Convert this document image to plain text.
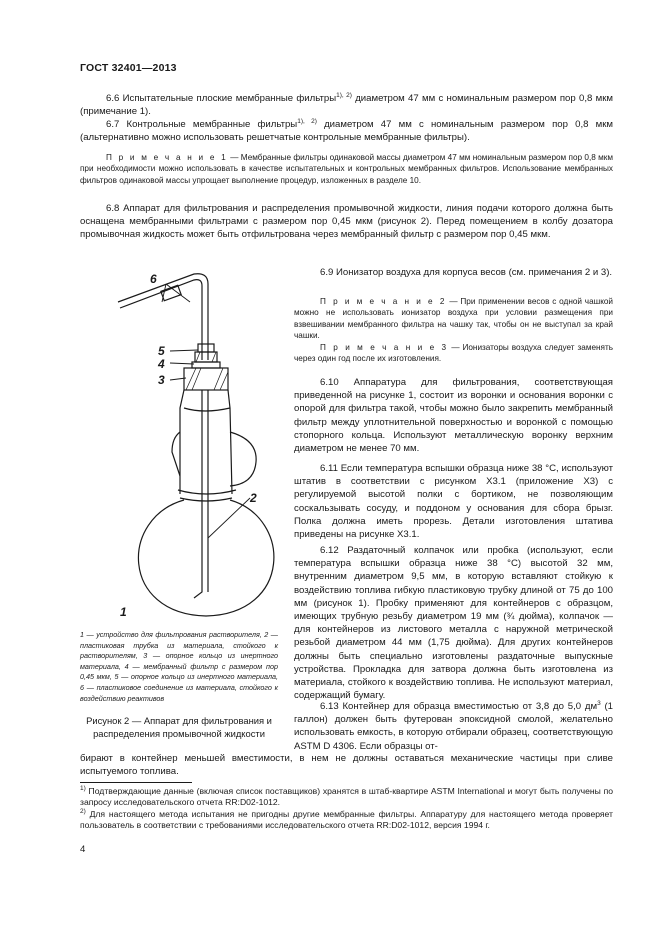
ГОСТ 32401—2013
6.6 Испытательные плоские мембранные фильтры$^{1), 2)}$ диаметром 47 мм с номинальным размером пор 0,8 мкм (примечание 1).
6.7 Контрольные мембранные фильтры$^{1), 2)}$ диаметром 47 мм с номинальным размером пор 0,8 мкм (альтернативно можно использовать решетчатые контрольные мембранные фильтры).
П р и м е ч а н и е 1 — Мембранные фильтры одинаковой массы диаметром 47 мм номинальным размером пор 0,8 мкм при необходимости можно использовать в качестве испытательных и контрольных мембранных фильтров. Использование мембранных фильтров одинаковой массы упрощает выполнение процедур, изложенных в разделе 10.
6.8 Аппарат для фильтрования и распределения промывочной жидкости, линия подачи которого должна быть оснащена мембранными фильтрами с размером пор 0,45 мкм (рисунок 2). Перед помещением в колбу дозатора промывочная жидкость может быть отфильтрована через мембранный фильтр с размером пор 0,45 мкм.
6
5
4
3
2
1
1 — устройство для фильтрования растворителя, 2 — пластиковая трубка из материала, стойкого к растворителям, 3 — опорное кольцо из инертного материала, 4 — мембранный фильтр с размером пор 0,45 мкм, 5 — опорное кольцо из инертного материала, 6 — пластиковое соединение из материала, стойкого к воздействию реактивов
Рисунок 2 — Аппарат для фильтрования и распределения промывочной жидкости
6.9 Ионизатор воздуха для корпуса весов (см. примечания 2 и 3).
П р и м е ч а н и е 2 — При применении весов с одной чашкой можно не использовать ионизатор воздуха при условии размещения при взвешивании мембранного фильтра на чашку так, чтобы он не выступал за край чашки.
П р и м е ч а н и е 3 — Ионизаторы воздуха следует заменять через один год после их изготовления.
6.10 Аппаратура для фильтрования, соответствующая приведенной на рисунке 1, состоит из воронки и основания воронки с опорой для фильтра такой, чтобы можно было закрепить мембранный фильтр между уплотнительной поверхностью и воронкой с помощью стопорного кольца. Используют металлическую воронку верхним диаметром не менее 70 мм.
6.11 Если температура вспышки образца ниже 38 °С, используют штатив в соответствии с рисунком Х3.1 (приложение Х3) с регулируемой высотой полки с бортиком, не позволяющим соскальзывать сосуду, и поддоном у основания для сбора брызг. Полка должна иметь прорезь. Детали изготовления штатива приведены на рисунке Х3.1.
6.12 Раздаточный колпачок или пробка (используют, если температура вспышки образца ниже 38 °С) высотой 32 мм, внутренним диаметром 9,5 мм, в которую вставляют стойкую к воздействию топлива гибкую пластиковую трубку длиной от 75 до 100 мм (рисунок 1). Пробку применяют для контейнеров с образцом, имеющих трубную резьбу диаметром 19 мм (¾ дюйма), колпачок — для контейнеров из листового металла с наружной метрической резьбой диаметром 44 мм (1,75 дюйма). Для других контейнеров должны быть специально изготовлены раздаточные выпускные устройства. Прокладка для затвора должна быть изготовлена из материала, стойкого к воздействию топлива. Не используют материал, содержащий бумагу.
6.13 Контейнер для образца вместимостью от 3,8 до 5,0 $дм^3$ (1 галлон) должен быть футерован эпоксидной смолой, желательно использовать емкость, в которую отбирали образец, соответствующую ASTM D 4306. Если образцы от-
бирают в контейнер меньшей вместимости, в нем не должны оставаться механические частицы при сливе испытуемого топлива.
$^{1)}$ Подтверждающие данные (включая список поставщиков) хранятся в штаб-квартире ASTM International и могут быть получены по запросу исследовательского отчета RR:D02-1012.
$^{2)}$ Для настоящего метода испытания не пригодны другие мембранные фильтры. Аппаратуру для настоящего метода проверяет пользователь в соответствии с требованиями исследовательского отчета RR:D02-1012, версия 1994 г.
4
